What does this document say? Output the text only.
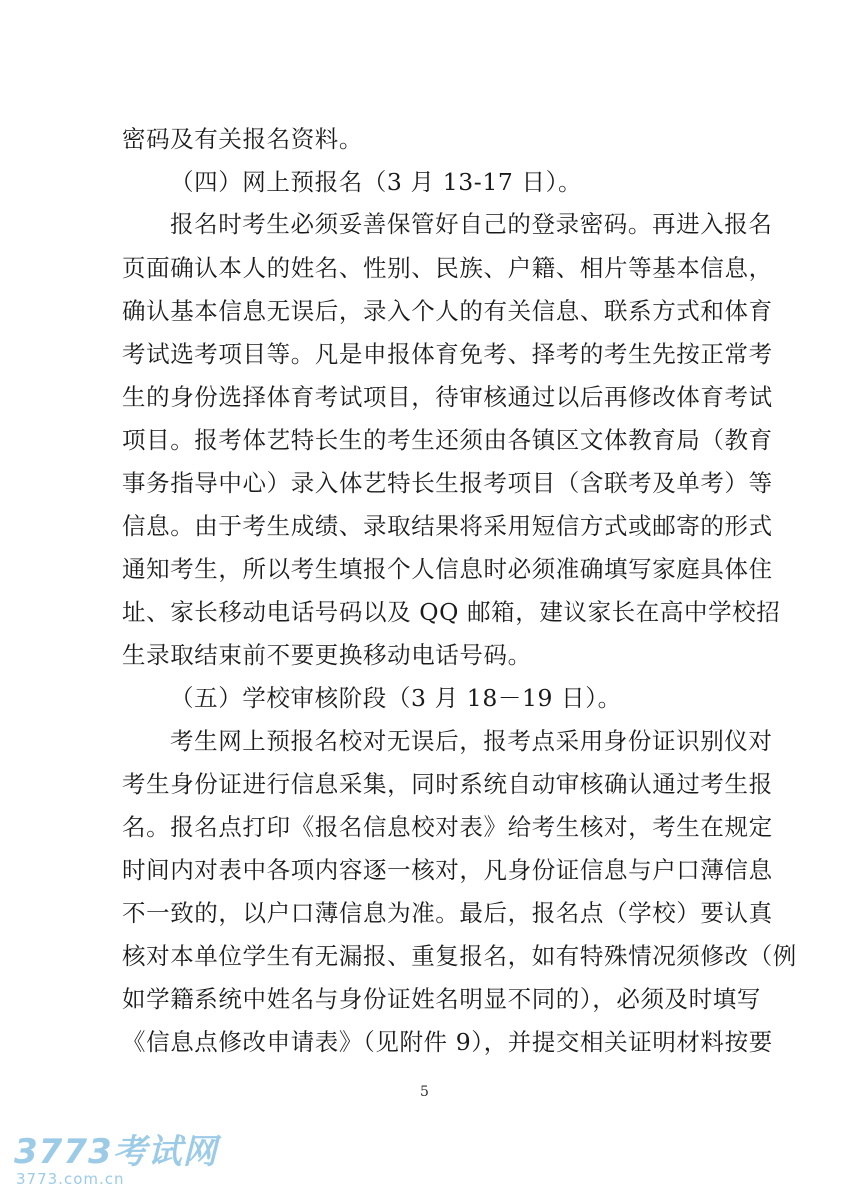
密码及有关报名资料。
（四）网上预报名（3 月 13-17 日）。
报名时考生必须妥善保管好自己的登录密码。再进入报名
页面确认本人的姓名、性别、民族、户籍、相片等基本信息，
确认基本信息无误后，录入个人的有关信息、联系方式和体育
考试选考项目等。凡是申报体育免考、择考的考生先按正常考
生的身份选择体育考试项目，待审核通过以后再修改体育考试
项目。报考体艺特长生的考生还须由各镇区文体教育局（教育
事务指导中心）录入体艺特长生报考项目（含联考及单考）等
信息。由于考生成绩、录取结果将采用短信方式或邮寄的形式
通知考生，所以考生填报个人信息时必须准确填写家庭具体住
址、家长移动电话号码以及 QQ 邮箱，建议家长在高中学校招
生录取结束前不要更换移动电话号码。
（五）学校审核阶段（3 月 18－19 日）。
考生网上预报名校对无误后，报考点采用身份证识别仪对
考生身份证进行信息采集，同时系统自动审核确认通过考生报
名。报名点打印《报名信息校对表》给考生核对，考生在规定
时间内对表中各项内容逐一核对，凡身份证信息与户口薄信息
不一致的，以户口薄信息为准。最后，报名点（学校）要认真
核对本单位学生有无漏报、重复报名，如有特殊情况须修改（例
如学籍系统中姓名与身份证姓名明显不同的），必须及时填写
《信息点修改申请表》（见附件 9），并提交相关证明材料按要
5
3773考试网
3773.com.cn
